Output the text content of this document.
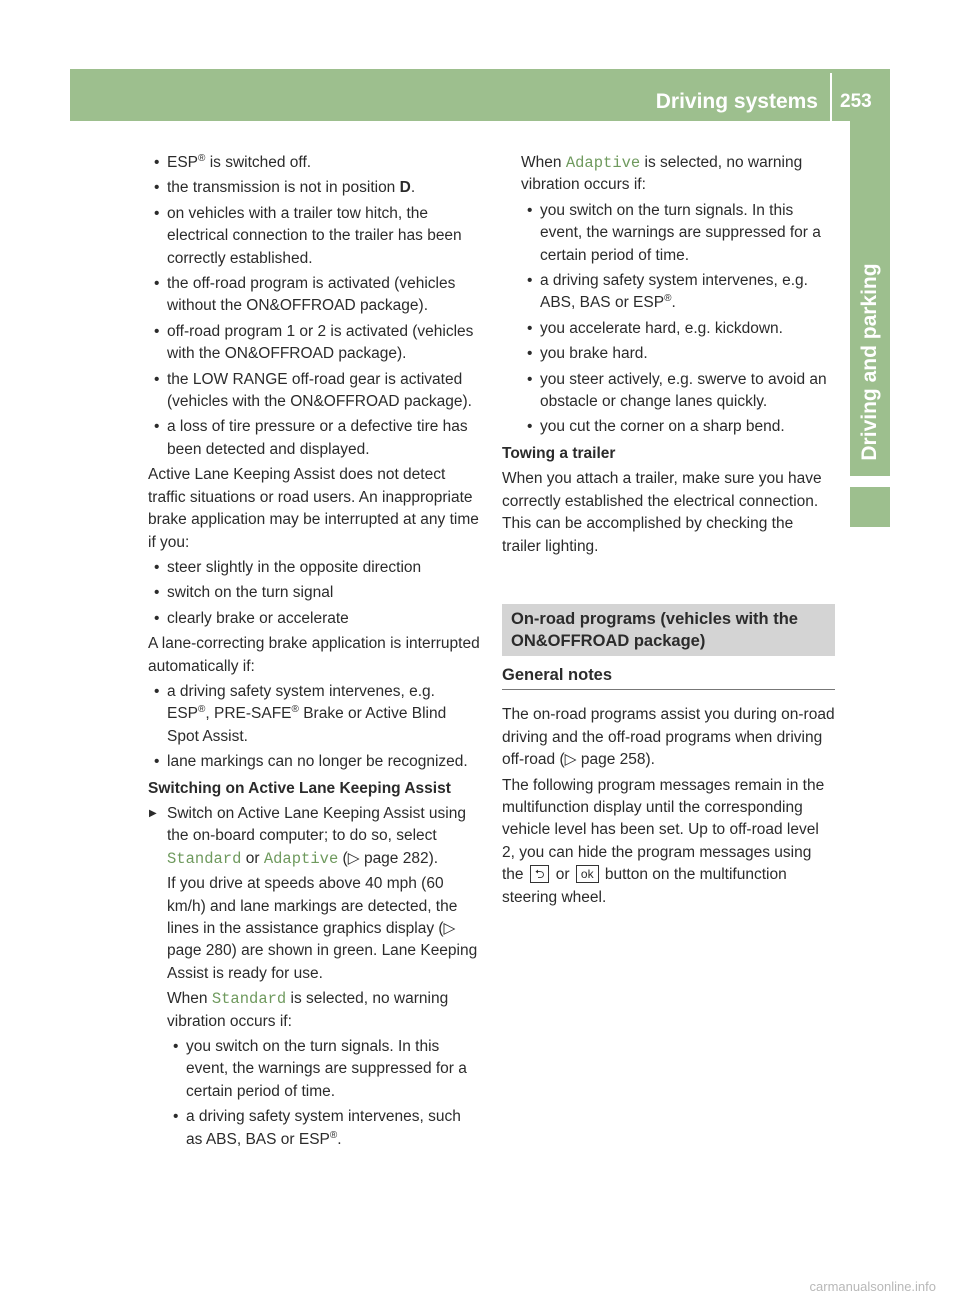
Driving systems	253
Driving and parking
• ESP® is switched off.
• the transmission is not in position D.
• on vehicles with a trailer tow hitch, the electrical connection to the trailer has been correctly established.
• the off-road program is activated (vehicles without the ON&OFFROAD package).
• off-road program 1 or 2 is activated (vehicles with the ON&OFFROAD package).
• the LOW RANGE off-road gear is activated (vehicles with the ON&OFFROAD package).
• a loss of tire pressure or a defective tire has been detected and displayed.

Active Lane Keeping Assist does not detect traffic situations or road users. An inappropriate brake application may be interrupted at any time if you:

• steer slightly in the opposite direction
• switch on the turn signal
• clearly brake or accelerate

A lane-correcting brake application is interrupted automatically if:

• a driving safety system intervenes, e.g. ESP®, PRE-SAFE® Brake or Active Blind Spot Assist.
• lane markings can no longer be recognized.
Switching on Active Lane Keeping Assist
▶ Switch on Active Lane Keeping Assist using the on-board computer; to do so, select Standard or Adaptive (▷ page 282).

If you drive at speeds above 40 mph (60 km/h) and lane markings are detected, the lines in the assistance graphics display (▷ page 280) are shown in green. Lane Keeping Assist is ready for use.

When Standard is selected, no warning vibration occurs if:

• you switch on the turn signals. In this event, the warnings are suppressed for a certain period of time.
• a driving safety system intervenes, such as ABS, BAS or ESP®.

When Adaptive is selected, no warning vibration occurs if:

• you switch on the turn signals. In this event, the warnings are suppressed for a certain period of time.
• a driving safety system intervenes, e.g. ABS, BAS or ESP®.
• you accelerate hard, e.g. kickdown.
• you brake hard.
• you steer actively, e.g. swerve to avoid an obstacle or change lanes quickly.
• you cut the corner on a sharp bend.
Towing a trailer

When you attach a trailer, make sure you have correctly established the electrical connection. This can be accomplished by checking the trailer lighting.

On-road programs (vehicles with the ON&OFFROAD package)
General notes

The on-road programs assist you during on-road driving and the off-road programs when driving off-road (▷ page 258).

The following program messages remain in the multifunction display until the corresponding vehicle level has been set. Up to off-road level 2, you can hide the program messages using the ⮌ or ok button on the multifunction steering wheel.

carmanualsonline.info
